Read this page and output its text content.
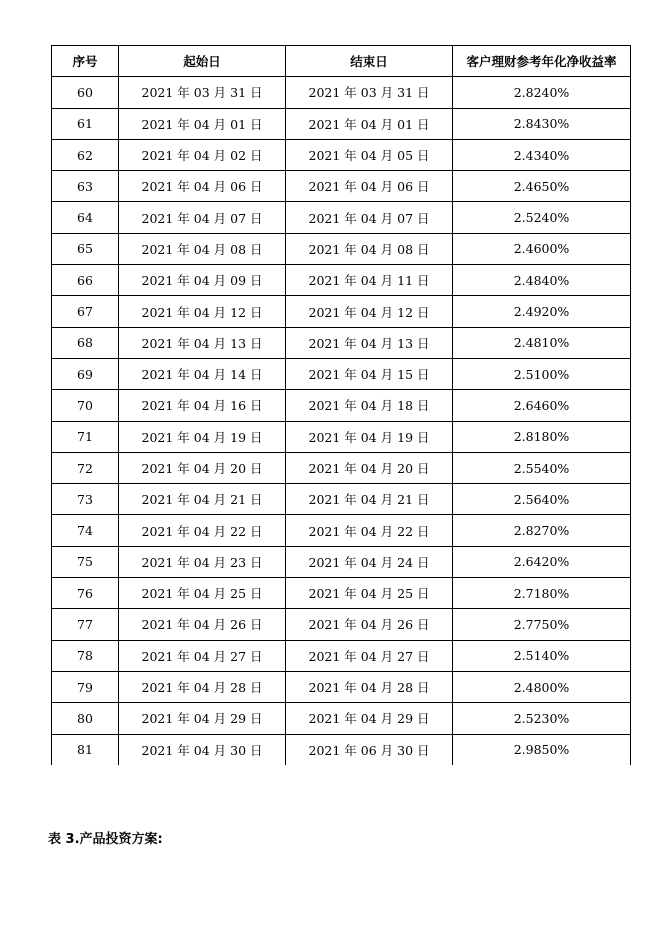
序号	起始日	结束日	客户理财参考年化净收益率
60	2021 年 03 月 31 日	2021 年 03 月 31 日	2.8240%
61	2021 年 04 月 01 日	2021 年 04 月 01 日	2.8430%
62	2021 年 04 月 02 日	2021 年 04 月 05 日	2.4340%
63	2021 年 04 月 06 日	2021 年 04 月 06 日	2.4650%
64	2021 年 04 月 07 日	2021 年 04 月 07 日	2.5240%
65	2021 年 04 月 08 日	2021 年 04 月 08 日	2.4600%
66	2021 年 04 月 09 日	2021 年 04 月 11 日	2.4840%
67	2021 年 04 月 12 日	2021 年 04 月 12 日	2.4920%
68	2021 年 04 月 13 日	2021 年 04 月 13 日	2.4810%
69	2021 年 04 月 14 日	2021 年 04 月 15 日	2.5100%
70	2021 年 04 月 16 日	2021 年 04 月 18 日	2.6460%
71	2021 年 04 月 19 日	2021 年 04 月 19 日	2.8180%
72	2021 年 04 月 20 日	2021 年 04 月 20 日	2.5540%
73	2021 年 04 月 21 日	2021 年 04 月 21 日	2.5640%
74	2021 年 04 月 22 日	2021 年 04 月 22 日	2.8270%
75	2021 年 04 月 23 日	2021 年 04 月 24 日	2.6420%
76	2021 年 04 月 25 日	2021 年 04 月 25 日	2.7180%
77	2021 年 04 月 26 日	2021 年 04 月 26 日	2.7750%
78	2021 年 04 月 27 日	2021 年 04 月 27 日	2.5140%
79	2021 年 04 月 28 日	2021 年 04 月 28 日	2.4800%
80	2021 年 04 月 29 日	2021 年 04 月 29 日	2.5230%
81	2021 年 04 月 30 日	2021 年 06 月 30 日	2.9850%
表 3.产品投资方案:
